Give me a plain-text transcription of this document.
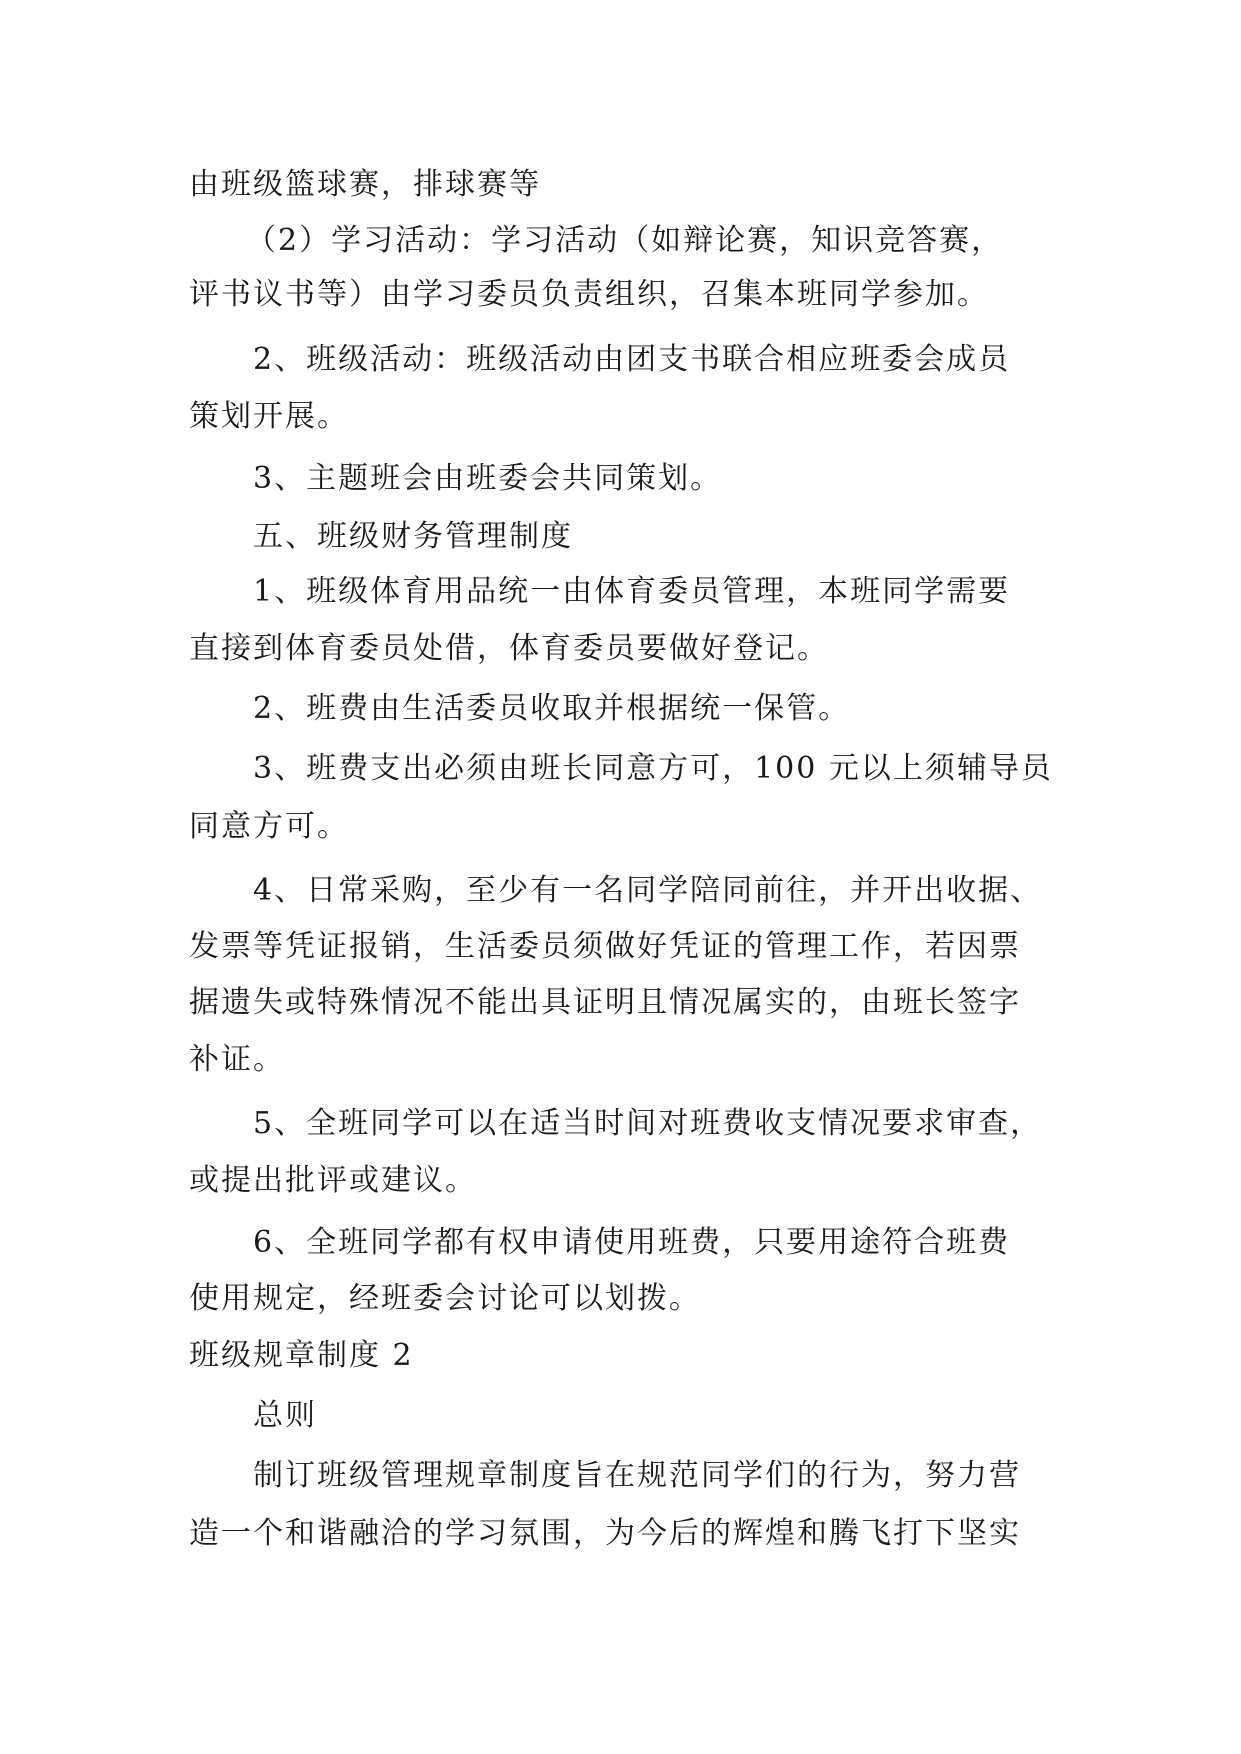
由班级篮球赛，排球赛等
（2）学习活动：学习活动（如辩论赛，知识竞答赛，
评书议书等）由学习委员负责组织，召集本班同学参加。
2、班级活动：班级活动由团支书联合相应班委会成员
策划开展。
3、主题班会由班委会共同策划。
五、班级财务管理制度
1、班级体育用品统一由体育委员管理，本班同学需要
直接到体育委员处借，体育委员要做好登记。
2、班费由生活委员收取并根据统一保管。
3、班费支出必须由班长同意方可，100 元以上须辅导员
同意方可。
4、日常采购，至少有一名同学陪同前往，并开出收据、
发票等凭证报销，生活委员须做好凭证的管理工作，若因票
据遗失或特殊情况不能出具证明且情况属实的，由班长签字
补证。
5、全班同学可以在适当时间对班费收支情况要求审查，
或提出批评或建议。
6、全班同学都有权申请使用班费，只要用途符合班费
使用规定，经班委会讨论可以划拨。
班级规章制度 2
总则
制订班级管理规章制度旨在规范同学们的行为，努力营
造一个和谐融洽的学习氛围，为今后的辉煌和腾飞打下坚实
